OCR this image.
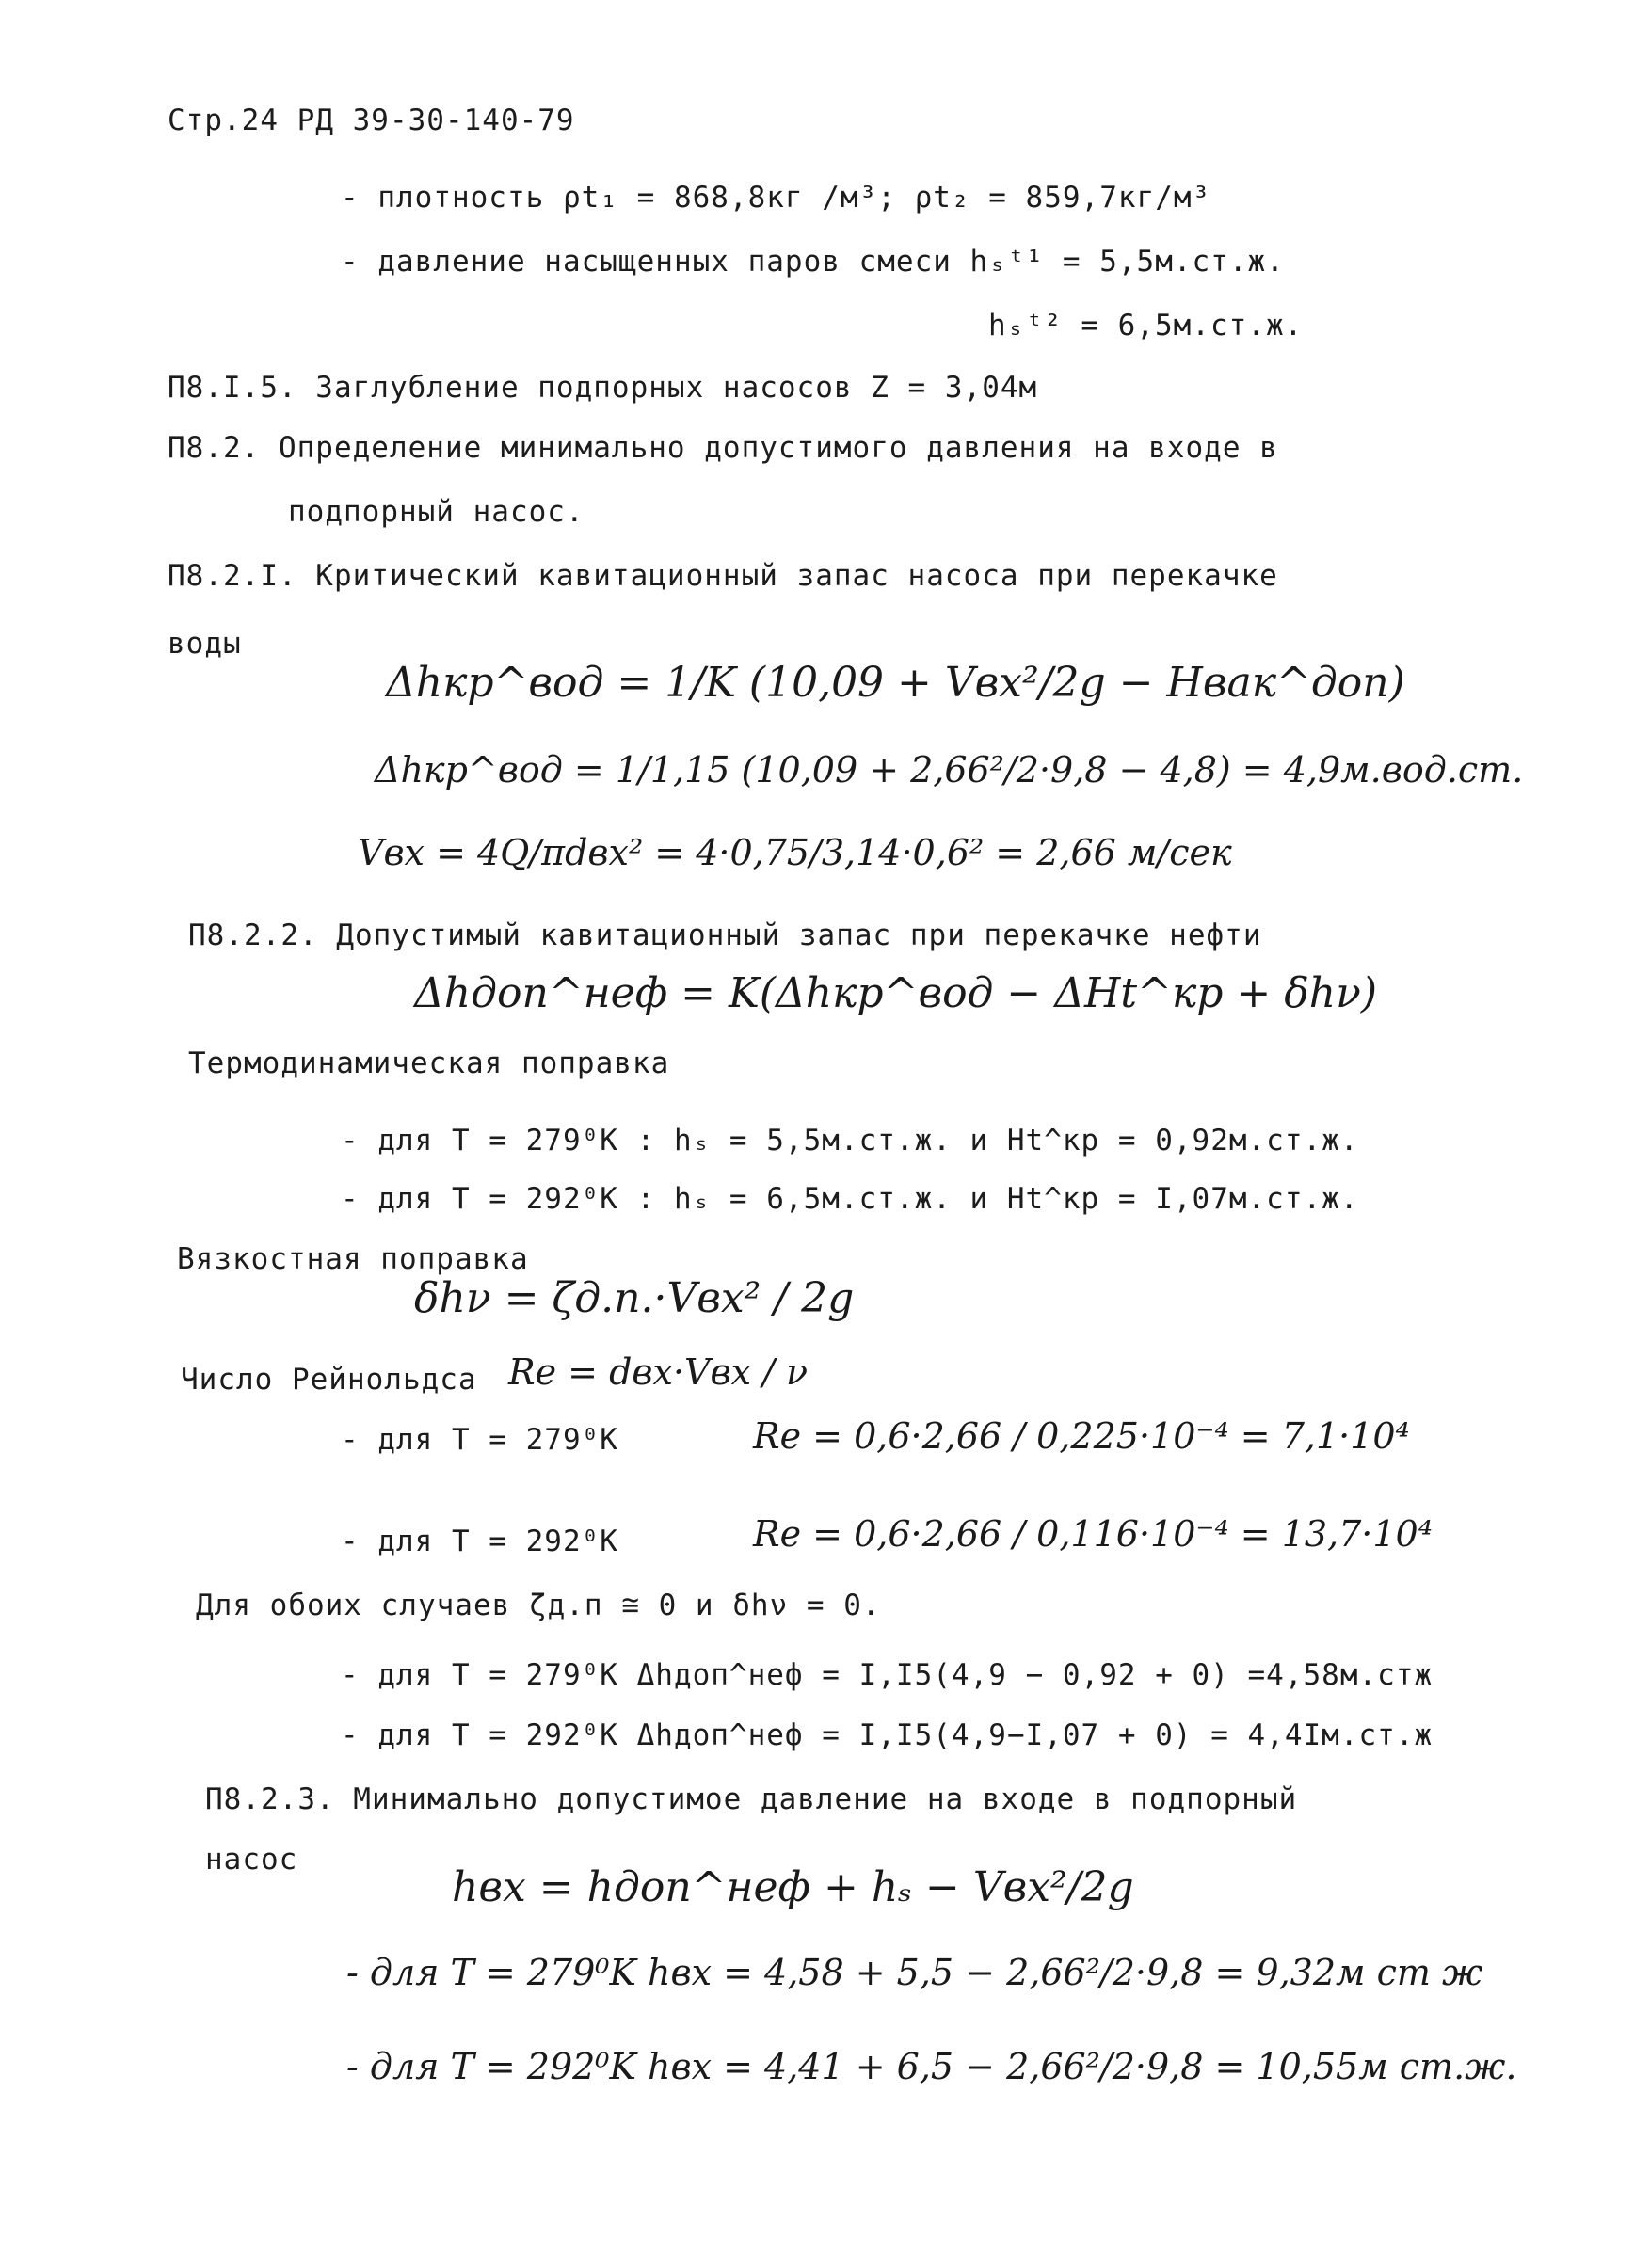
Стр.24 РД 39-30-140-79
- плотность ρt₁ = 868,8кг /м³; ρt₂ = 859,7кг/м³
- давление насыщенных паров смеси hₛᵗ¹ = 5,5м.ст.ж.
hₛᵗ² = 6,5м.ст.ж.
П8.I.5. Заглубление подпорных насосов Z = 3,04м
П8.2. Определение минимально допустимого давления на входе в
подпорный насос.
П8.2.I. Критический кавитационный запас насоса при перекачке
воды
Δhкр^вод = 1/K (10,09 + Vвх²/2g − Hвак^доп)
Δhкр^вод = 1/1,15 (10,09 + 2,66²/2·9,8 − 4,8) = 4,9м.вод.ст.
Vвх = 4Q/πdвх² = 4·0,75/3,14·0,6² = 2,66 м/сек
П8.2.2. Допустимый кавитационный запас при перекачке нефти
Δhдоп^неф = K(Δhкр^вод − ΔHt^кр + δhν)
Термодинамическая поправка
- для T = 279⁰K : hₛ = 5,5м.ст.ж. и Ht^кр = 0,92м.ст.ж.
- для T = 292⁰K : hₛ = 6,5м.ст.ж. и Ht^кр = I,07м.ст.ж.
Вязкостная поправка
δhν = ζд.п.·Vвх² / 2g
Число Рейнольдса Re = dвх·Vвх / ν
- для T = 279⁰K	Re = 0,6·2,66 / 0,225·10⁻⁴ = 7,1·10⁴
- для T = 292⁰K	Re = 0,6·2,66 / 0,116·10⁻⁴ = 13,7·10⁴
Для обоих случаев ζд.п ≅ 0 и δhν = 0.
- для T = 279⁰K Δhдоп^неф = I,I5(4,9 − 0,92 + 0) =4,58м.стж
- для T = 292⁰K Δhдоп^неф = I,I5(4,9−I,07 + 0) = 4,4Iм.ст.ж
П8.2.3. Минимально допустимое давление на входе в подпорный
насос
hвх = hдоп^неф + hₛ − Vвх²/2g
- для T = 279⁰K hвх = 4,58 + 5,5 − 2,66²/2·9,8 = 9,32м ст ж
- для T = 292⁰K hвх = 4,41 + 6,5 − 2,66²/2·9,8 = 10,55м ст.ж.
